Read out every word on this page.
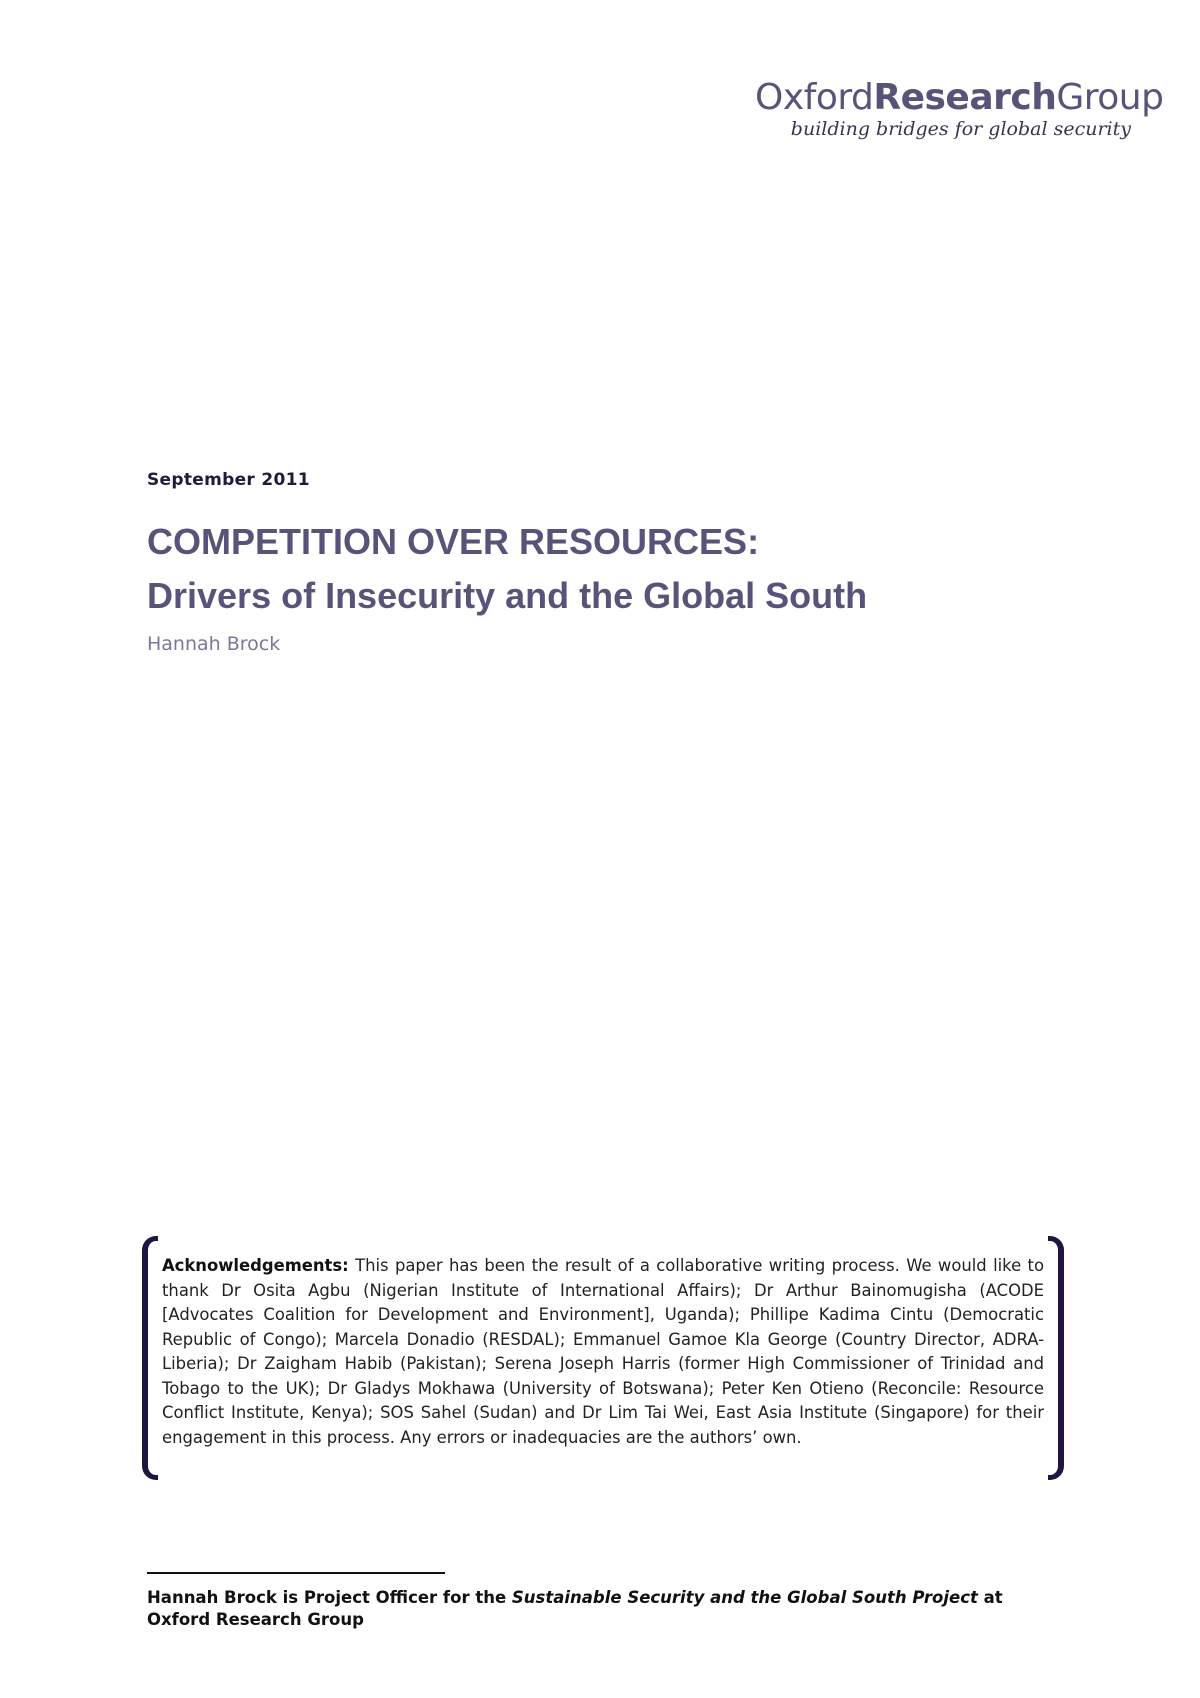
OxfordResearchGroup
building bridges for global security
September 2011
COMPETITION OVER RESOURCES:
Drivers of Insecurity and the Global South
Hannah Brock
Acknowledgements: This paper has been the result of a collaborative writing process. We would like to thank Dr Osita Agbu (Nigerian Institute of International Affairs); Dr Arthur Bainomugisha (ACODE [Advocates Coalition for Development and Environment], Uganda); Phillipe Kadima Cintu (Democratic Republic of Congo); Marcela Donadio (RESDAL); Emmanuel Gamoe Kla George (Country Director, ADRA-Liberia); Dr Zaigham Habib (Pakistan); Serena Joseph Harris (former High Commissioner of Trinidad and Tobago to the UK); Dr Gladys Mokhawa (University of Botswana); Peter Ken Otieno (Reconcile: Resource Conflict Institute, Kenya); SOS Sahel (Sudan) and Dr Lim Tai Wei, East Asia Institute (Singapore) for their engagement in this process. Any errors or inadequacies are the authors’ own.
Hannah Brock is Project Officer for the Sustainable Security and the Global South Project at Oxford Research Group
